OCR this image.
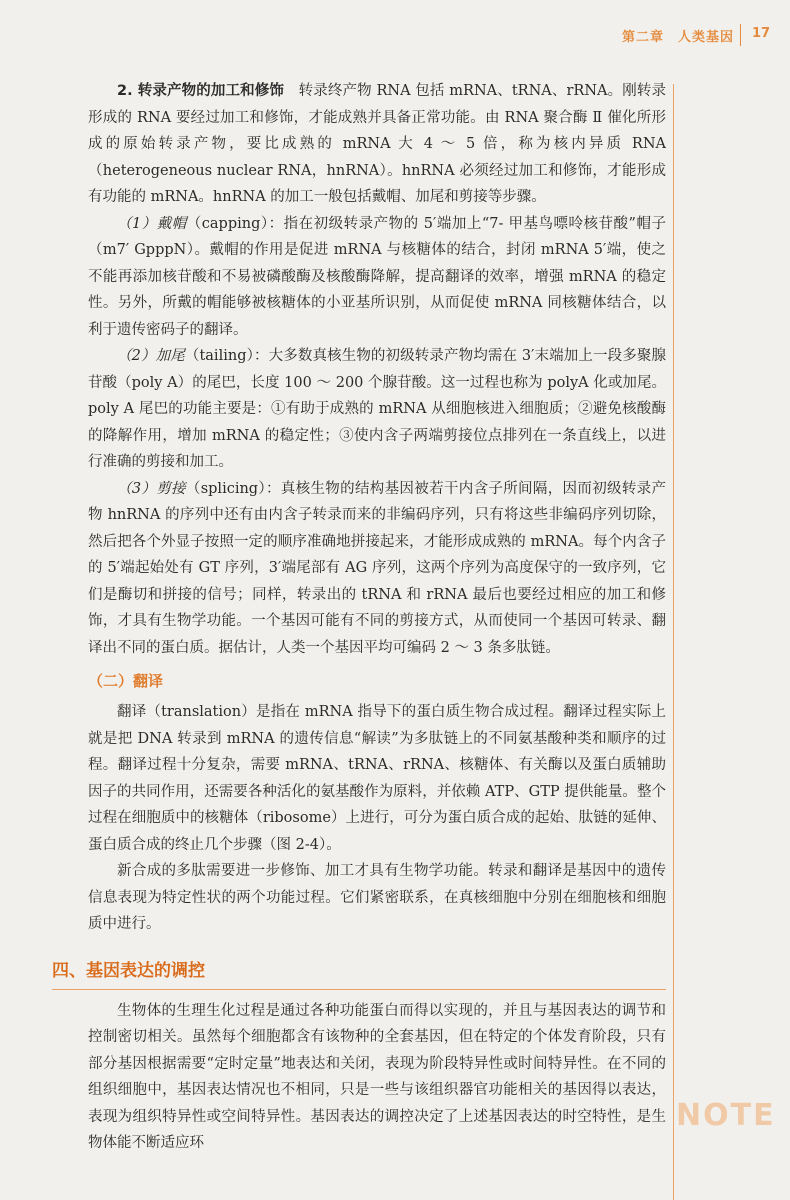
第二章　人类基因 17

2. 转录产物的加工和修饰　 转录终产物 RNA 包括 mRNA、tRNA、rRNA。刚转录形成的 RNA 要经过加工和修饰，才能成熟并具备正常功能。由 RNA 聚合酶 Ⅱ 催化所形成的原始转录产物，要比成熟的 mRNA 大 4 ～ 5 倍，称为核内异质 RNA（heterogeneous nuclear RNA，hnRNA）。hnRNA 必须经过加工和修饰，才能形成有功能的 mRNA。hnRNA 的加工一般包括戴帽、加尾和剪接等步骤。

（1）戴帽（capping）：指在初级转录产物的 5′端加上“7- 甲基鸟嘌呤核苷酸”帽子（m7′ GpppN）。戴帽的作用是促进 mRNA 与核糖体的结合，封闭 mRNA 5′端，使之不能再添加核苷酸和不易被磷酸酶及核酸酶降解，提高翻译的效率，增强 mRNA 的稳定性。另外，所戴的帽能够被核糖体的小亚基所识别，从而促使 mRNA 同核糖体结合，以利于遗传密码子的翻译。

（2）加尾（tailing）：大多数真核生物的初级转录产物均需在 3′末端加上一段多聚腺苷酸（poly A）的尾巴，长度 100 ～ 200 个腺苷酸。这一过程也称为 polyA 化或加尾。poly A 尾巴的功能主要是：①有助于成熟的 mRNA 从细胞核进入细胞质；②避免核酸酶的降解作用，增加 mRNA 的稳定性；③使内含子两端剪接位点排列在一条直线上，以进行准确的剪接和加工。

（3）剪接（splicing）：真核生物的结构基因被若干内含子所间隔，因而初级转录产物 hnRNA 的序列中还有由内含子转录而来的非编码序列，只有将这些非编码序列切除，然后把各个外显子按照一定的顺序准确地拼接起来，才能形成成熟的 mRNA。每个内含子的 5′端起始处有 GT 序列，3′端尾部有 AG 序列，这两个序列为高度保守的一致序列，它们是酶切和拼接的信号；同样，转录出的 tRNA 和 rRNA 最后也要经过相应的加工和修饰，才具有生物学功能。一个基因可能有不同的剪接方式，从而使同一个基因可转录、翻译出不同的蛋白质。据估计，人类一个基因平均可编码 2 ～ 3 条多肽链。

（二）翻译

翻译（translation）是指在 mRNA 指导下的蛋白质生物合成过程。翻译过程实际上就是把 DNA 转录到 mRNA 的遗传信息“解读”为多肽链上的不同氨基酸种类和顺序的过程。翻译过程十分复杂，需要 mRNA、tRNA、rRNA、核糖体、有关酶以及蛋白质辅助因子的共同作用，还需要各种活化的氨基酸作为原料，并依赖 ATP、GTP 提供能量。整个过程在细胞质中的核糖体（ribosome）上进行，可分为蛋白质合成的起始、肽链的延伸、蛋白质合成的终止几个步骤（图 2-4）。

新合成的多肽需要进一步修饰、加工才具有生物学功能。转录和翻译是基因中的遗传信息表现为特定性状的两个功能过程。它们紧密联系，在真核细胞中分别在细胞核和细胞质中进行。

四、基因表达的调控

生物体的生理生化过程是通过各种功能蛋白而得以实现的，并且与基因表达的调节和控制密切相关。虽然每个细胞都含有该物种的全套基因，但在特定的个体发育阶段，只有部分基因根据需要“定时定量”地表达和关闭，表现为阶段特异性或时间特异性。在不同的组织细胞中，基因表达情况也不相同，只是一些与该组织器官功能相关的基因得以表达，表现为组织特异性或空间特异性。基因表达的调控决定了上述基因表达的时空特性，是生物体能不断适应环

NOTE
